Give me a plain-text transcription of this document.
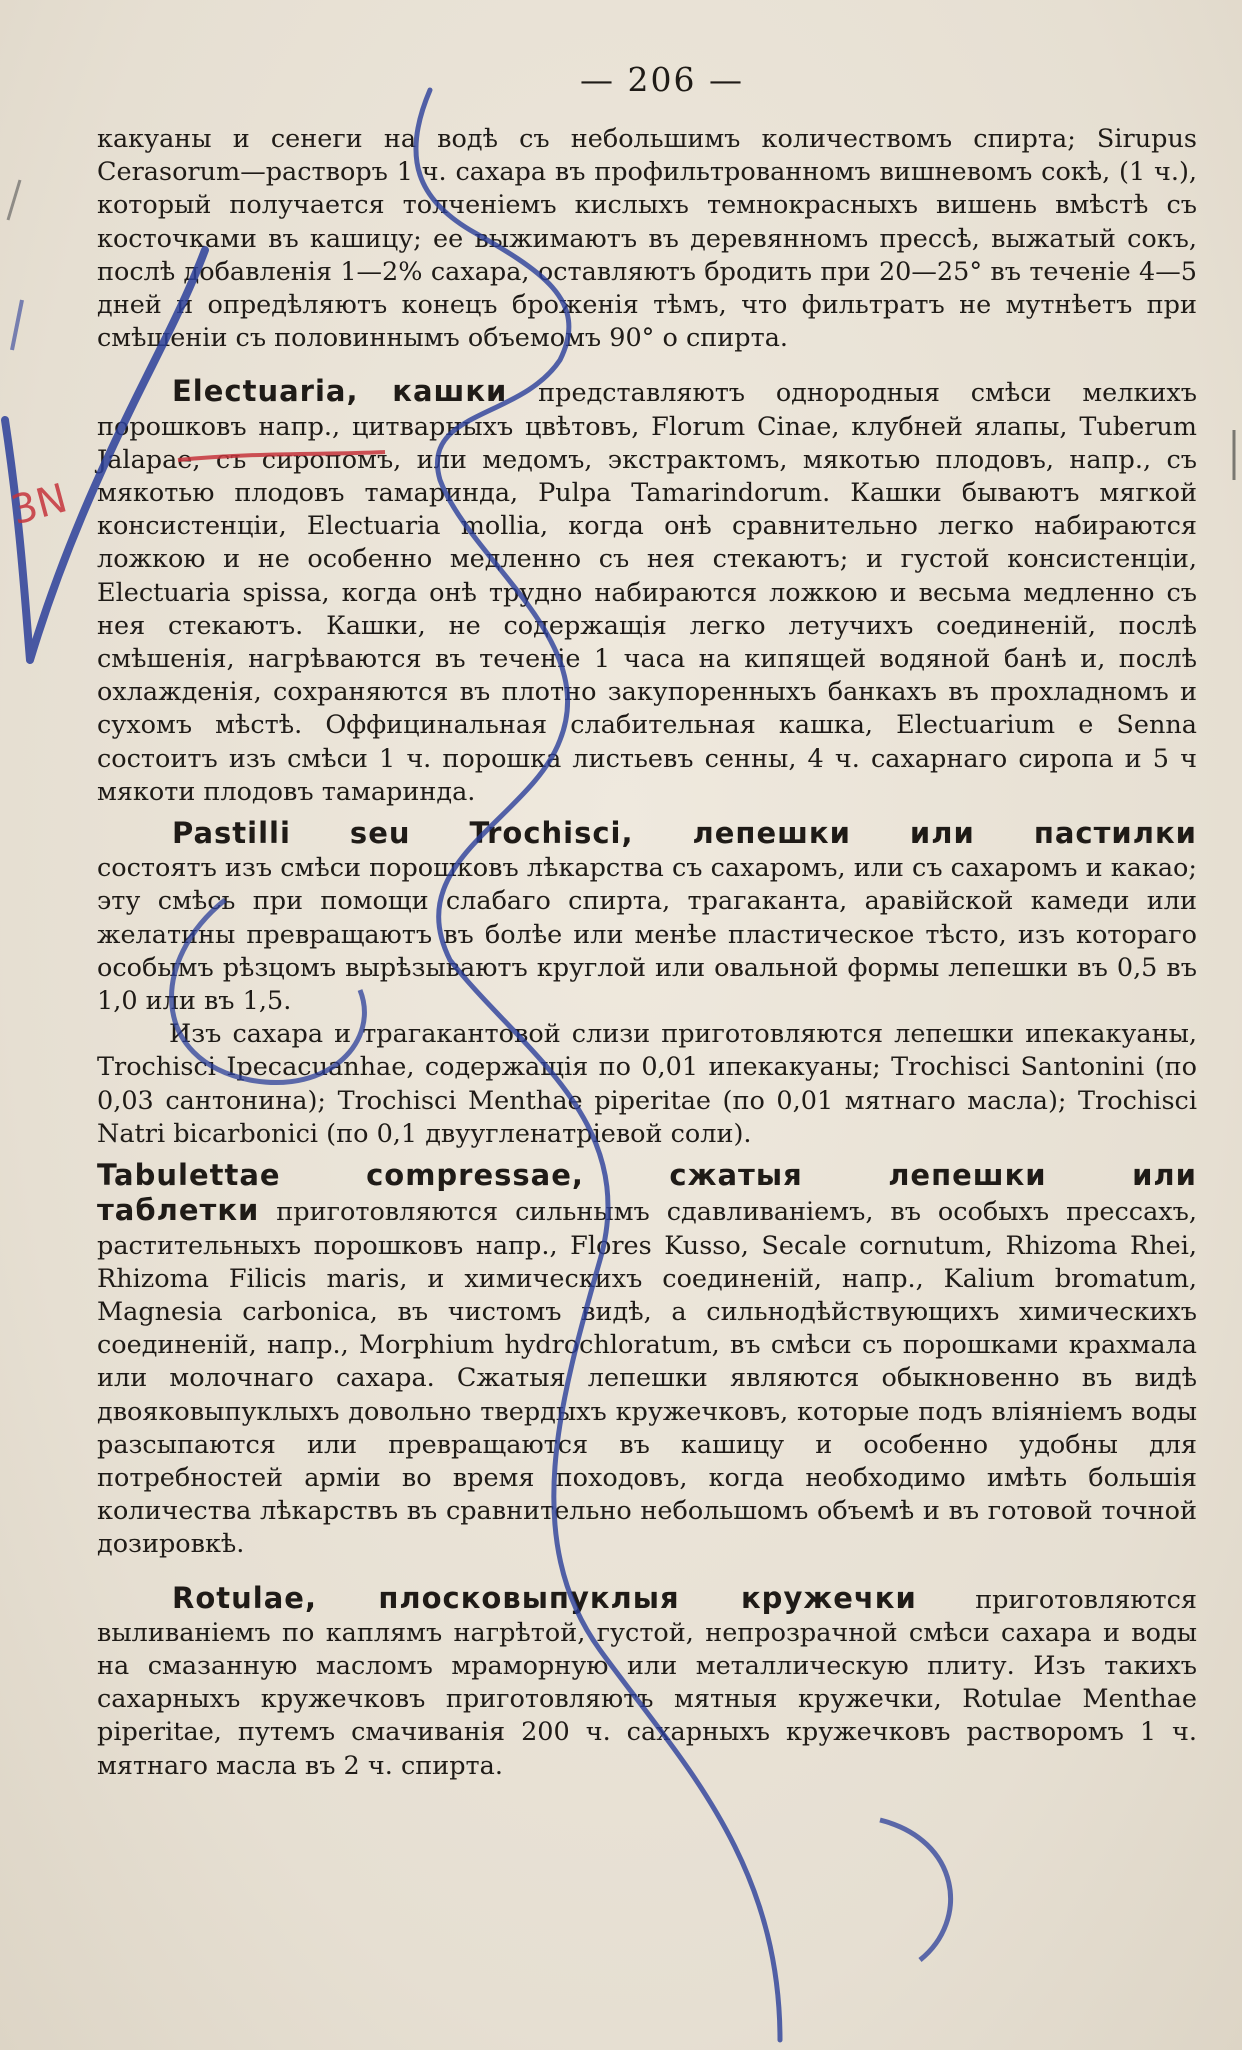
— 206 —

какуаны и сенеги на водѣ съ небольшимъ количествомъ спирта; Sirupus Cerasorum—растворъ 1 ч. сахара въ профильтрованномъ вишневомъ сокѣ, (1 ч.), который получается толченіемъ кислыхъ темнокрасныхъ вишень вмѣстѣ съ косточками въ кашицу; ее выжимаютъ въ деревянномъ прессѣ, выжатый сокъ, послѣ добавленія 1—2% сахара, оставляютъ бродить при 20—25° въ теченіе 4—5 дней и опредѣляютъ конецъ броженія тѣмъ, что фильтратъ не мутнѣетъ при смѣшеніи съ половиннымъ объемомъ 90° о спирта.

Electuaria, кашки представляютъ однородныя смѣси мелкихъ порошковъ напр., цитварныхъ цвѣтовъ, Florum Cinae, клубней ялапы, Tuberum Jalapae, съ сиропомъ, или медомъ, экстрактомъ, мякотью плодовъ, напр., съ мякотью плодовъ тамаринда, Pulpa Tamarindorum. Кашки бываютъ мягкой консистенціи, Electuaria mollia, когда онѣ сравнительно легко набираются ложкою и не особенно медленно съ нея стекаютъ; и густой консистенціи, Electuaria spissa, когда онѣ трудно набираются ложкою и весьма медленно съ нея стекаютъ. Кашки, не содержащія легко летучихъ соединеній, послѣ смѣшенія, нагрѣваются въ теченіе 1 часа на кипящей водяной банѣ и, послѣ охлажденія, сохраняются въ плотно закупоренныхъ банкахъ въ прохладномъ и сухомъ мѣстѣ. Оффицинальная слабительная кашка, Electuarium e Senna состоитъ изъ смѣси 1 ч. порошка листьевъ сенны, 4 ч. сахарнаго сиропа и 5 ч мякоти плодовъ тамаринда.

Pastilli seu Trochisci, лепешки или пастилки
состоятъ изъ смѣси порошковъ лѣкарства съ сахаромъ, или съ сахаромъ и какао; эту смѣсь при помощи слабаго спирта, трагаканта, аравійской камеди или желатины превращаютъ въ болѣе или менѣе пластическое тѣсто, изъ котораго особымъ рѣзцомъ вырѣзываютъ круглой или овальной формы лепешки въ 0,5 въ 1,0 или въ 1,5.

Изъ сахара и трагакантовой слизи приготовляются лепешки ипекакуаны, Trochisci Ipecacuanhae, содержащія по 0,01 ипекакуаны; Trochisci Santonini (по 0,03 сантонина); Trochisci Menthae piperitae (по 0,01 мятнаго масла); Trochisci Natri bicarbonici (по 0,1 двуугленатріевой соли).

Tabulettae compressae, сжатыя лепешки или
таблетки приготовляются сильнымъ сдавливаніемъ, въ особыхъ прессахъ, растительныхъ порошковъ напр., Flores Kusso, Secale cornutum, Rhizoma Rhei, Rhizoma Filicis maris, и химическихъ соединеній, напр., Kalium bromatum, Magnesia carbonica, въ чистомъ видѣ, а сильнодѣйствующихъ химическихъ соединеній, напр., Morphium hydrochloratum, въ смѣси съ порошками крахмала или молочнаго сахара. Сжатыя лепешки являются обыкновенно въ видѣ двояковыпуклыхъ довольно твердыхъ кружечковъ, которые подъ вліяніемъ воды разсыпаются или превращаются въ кашицу и особенно удобны для потребностей арміи во время походовъ, когда необходимо имѣть большія количества лѣкарствъ въ сравнительно небольшомъ объемѣ и въ готовой точной дозировкѣ.

Rotulae, плосковыпуклыя кружечки приготовляются выливаніемъ по каплямъ нагрѣтой, густой, непрозрачной смѣси сахара и воды на смазанную масломъ мраморную или металлическую плиту. Изъ такихъ сахарныхъ кружечковъ приготовляютъ мятныя кружечки, Rotulae Menthae piperitae, путемъ смачиванія 200 ч. сахарныхъ кружечковъ растворомъ 1 ч. мятнаго масла въ 2 ч. спирта.

3N
